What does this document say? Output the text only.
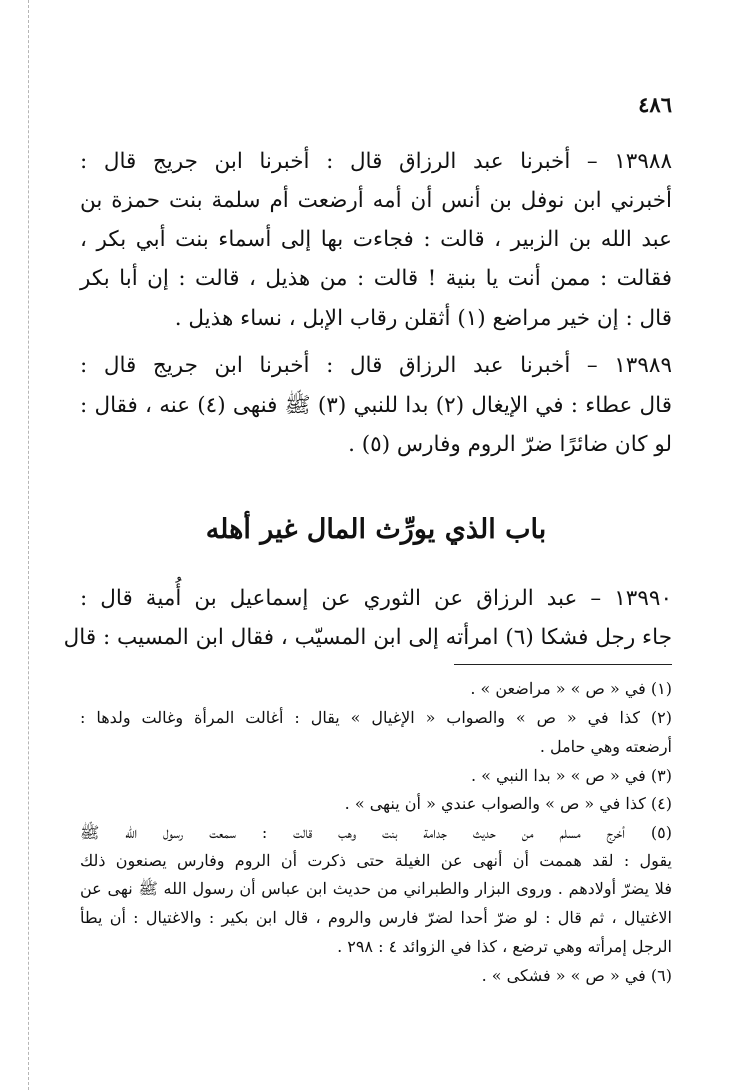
٤٨٦
١٣٩٨٨ – أخبرنا عبد الرزاق قال : أخبرنا ابن جريج قال :
أخبرني ابن نوفل بن أنس أن أمه أرضعت أم سلمة بنت حمزة بن
عبد الله بن الزبير ، قالت : فجاءت بها إلى أسماء بنت أبي بكر ،
فقالت : ممن أنت يا بنية ! قالت : من هذيل ، قالت : إن أبا بكر
قال : إن خير مراضع (١) أثقلن رقاب الإبل ، نساء هذيل .
١٣٩٨٩ – أخبرنا عبد الرزاق قال : أخبرنا ابن جريج قال :
قال عطاء : في الإيغال (٢) بدا للنبي (٣) ﷺ فنهى (٤) عنه ، فقال :
لو كان ضائرًا ضرّ الروم وفارس (٥) .
باب الذي يورِّث المال غير أهله
١٣٩٩٠ – عبد الرزاق عن الثوري عن إسماعيل بن أُمية قال :
جاء رجل فشكا (٦) امرأته إلى ابن المسيّب ، فقال ابن المسيب : قال
(١) في « ص » « مراضعن » .
(٢) كذا في « ص » والصواب « الإغيال » يقال : أغالت المرأة وغالت ولدها :
أرضعته وهي حامل .
(٣) في « ص » « بدا النبي » .
(٤) كذا في « ص » والصواب عندي « أن ينهى » .
(٥) أخرج مسلم من حديث جدامة بنت وهب قالت : سمعت رسول الله ﷺ
يقول : لقد هممت أن أنهى عن الغيلة حتى ذكرت أن الروم وفارس يصنعون ذلك
فلا يضرّ أولادهم . وروى البزار والطبراني من حديث ابن عباس أن رسول الله ﷺ نهى عن
الاغتيال ، ثم قال : لو ضرّ أحدا لضرّ فارس والروم ، قال ابن بكير : والاغتيال : أن يطأ
الرجل إمرأته وهي ترضع ، كذا في الزوائد ٤ : ٢٩٨ .
(٦) في « ص » « فشكى » .
